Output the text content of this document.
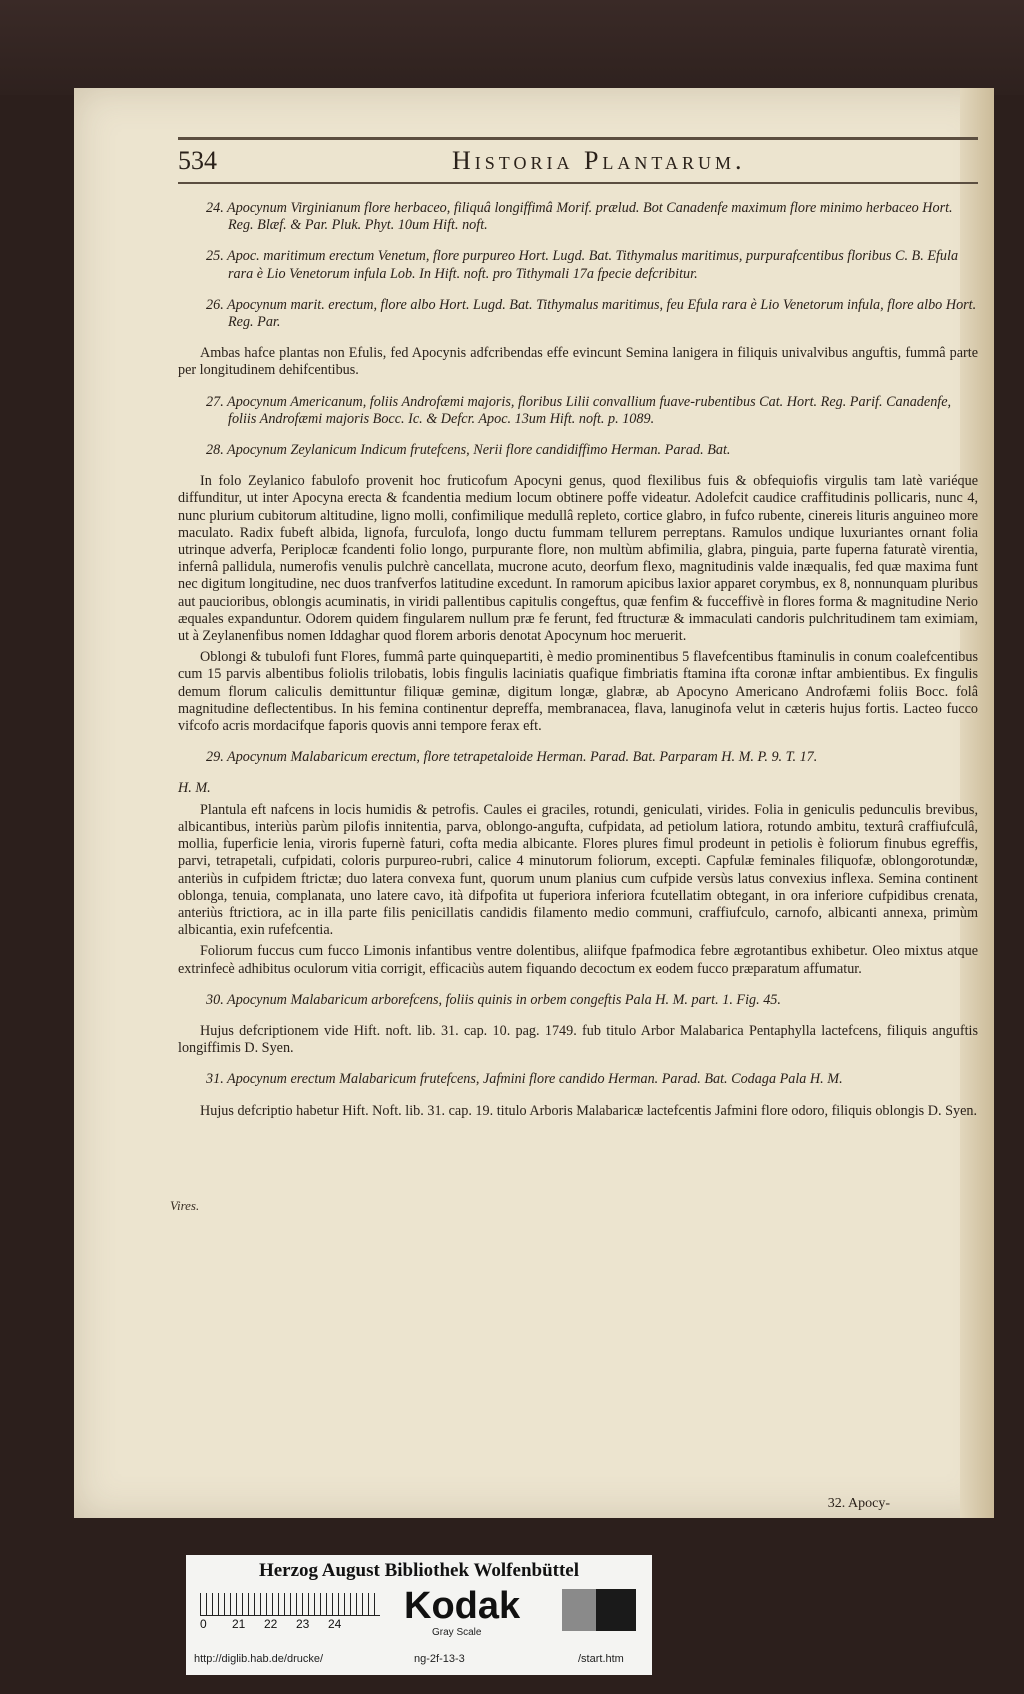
534	Historia Plantarum.

24. Apocynum Virginianum flore herbaceo, filiquâ longiffimâ Morif. prælud. Bot Canadenfe maximum flore minimo herbaceo Hort. Reg. Blæf. & Par. Pluk. Phyt. 10um Hift. noft.

25. Apoc. maritimum erectum Venetum, flore purpureo Hort. Lugd. Bat. Tithymalus maritimus, purpurafcentibus floribus C. B. Efula rara è Lio Venetorum infula Lob. In Hift. noft. pro Tithymali 17a fpecie defcribitur.

26. Apocynum marit. erectum, flore albo Hort. Lugd. Bat. Tithymalus maritimus, feu Efula rara è Lio Venetorum infula, flore albo Hort. Reg. Par.

Ambas hafce plantas non Efulis, fed Apocynis adfcribendas effe evincunt Semina lanigera in filiquis univalvibus anguftis, fummâ parte per longitudinem dehifcentibus.

27. Apocynum Americanum, foliis Androfæmi majoris, floribus Lilii convallium fuave-rubentibus Cat. Hort. Reg. Parif. Canadenfe, foliis Androfæmi majoris Bocc. Ic. & Defcr. Apoc. 13um Hift. noft. p. 1089.

28. Apocynum Zeylanicum Indicum frutefcens, Nerii flore candidiffimo Herman. Parad. Bat.

In folo Zeylanico fabulofo provenit hoc fruticofum Apocyni genus, quod flexilibus fuis & obfequiofis virgulis tam latè variéque diffunditur, ut inter Apocyna erecta & fcandentia medium locum obtinere poffe videatur. Adolefcit caudice craffitudinis pollicaris, nunc 4, nunc plurium cubitorum altitudine, ligno molli, confimilique medullâ repleto, cortice glabro, in fufco rubente, cinereis lituris anguineo more maculato. Radix fubeft albida, lignofa, furculofa, longo ductu fummam tellurem perreptans. Ramulos undique luxuriantes ornant folia utrinque adverfa, Periplocæ fcandenti folio longo, purpurante flore, non multùm abfimilia, glabra, pinguia, parte fuperna faturatè virentia, infernâ pallidula, numerofis venulis pulchrè cancellata, mucrone acuto, deorfum flexo, magnitudinis valde inæqualis, fed quæ maxima funt nec digitum longitudine, nec duos tranfverfos latitudine excedunt. In ramorum apicibus laxior apparet corymbus, ex 8, nonnunquam pluribus aut paucioribus, oblongis acuminatis, in viridi pallentibus capitulis congeftus, quæ fenfim & fucceffivè in flores forma & magnitudine Nerio æquales expanduntur. Odorem quidem fingularem nullum præ fe ferunt, fed ftructuræ & immaculati candoris pulchritudinem tam eximiam, ut à Zeylanenfibus nomen Iddaghar quod florem arboris denotat Apocynum hoc meruerit.

Oblongi & tubulofi funt Flores, fummâ parte quinquepartiti, è medio prominentibus 5 flavefcentibus ftaminulis in conum coalefcentibus cum 15 parvis albentibus foliolis trilobatis, lobis fingulis laciniatis quafique fimbriatis ftamina ifta coronæ inftar ambientibus. Ex fingulis demum florum caliculis demittuntur filiquæ geminæ, digitum longæ, glabræ, ab Apocyno Americano Androfæmi foliis Bocc. folâ magnitudine deflectentibus. In his femina continentur depreffa, membranacea, flava, lanuginofa velut in cæteris hujus fortis. Lacteo fucco vifcofo acris mordacifque faporis quovis anni tempore ferax eft.

29. Apocynum Malabaricum erectum, flore tetrapetaloide Herman. Parad. Bat. Parparam H. M. P. 9. T. 17.

H. M.

Plantula eft nafcens in locis humidis & petrofis. Caules ei graciles, rotundi, geniculati, virides. Folia in geniculis pedunculis brevibus, albicantibus, interiùs parùm pilofis innitentia, parva, oblongo-angufta, cufpidata, ad petiolum latiora, rotundo ambitu, texturâ craffiufculâ, mollia, fuperficie lenia, viroris fupernè faturi, cofta media albicante. Flores plures fimul prodeunt in petiolis è foliorum finubus egreffis, parvi, tetrapetali, cufpidati, coloris purpureo-rubri, calice 4 minutorum foliorum, excepti. Capfulæ feminales filiquofæ, oblongorotundæ, anteriùs in cufpidem ftrictæ; duo latera convexa funt, quorum unum planius cum cufpide versùs latus convexius inflexa. Semina continent oblonga, tenuia, complanata, uno latere cavo, ità difpofita ut fuperiora inferiora fcutellatim obtegant, in ora inferiore cufpidibus crenata, anteriùs ftrictiora, ac in illa parte filis penicillatis candidis filamento medio communi, craffiufculo, carnofo, albicanti annexa, primùm albicantia, exin rufefcentia.

Foliorum fuccus cum fucco Limonis infantibus ventre dolentibus, aliifque fpafmodica febre ægrotantibus exhibetur. Oleo mixtus atque extrinfecè adhibitus oculorum vitia corrigit, efficaciùs autem fiquando decoctum ex eodem fucco præparatum affumatur.

30. Apocynum Malabaricum arborefcens, foliis quinis in orbem congeftis Pala H. M. part. 1. Fig. 45.

Hujus defcriptionem vide Hift. noft. lib. 31. cap. 10. pag. 1749. fub titulo Arbor Malabarica Pentaphylla lactefcens, filiquis anguftis longiffimis D. Syen.

31. Apocynum erectum Malabaricum frutefcens, Jafmini flore candido Herman. Parad. Bat. Codaga Pala H. M.

Hujus defcriptio habetur Hift. Noft. lib. 31. cap. 19. titulo Arboris Malabaricæ lactefcentis Jafmini flore odoro, filiquis oblongis D. Syen.

Vires.
32. Apocy-
Herzog August Bibliothek Wolfenbüttel
0 21 22 23 24	Kodak
Gray Scale
http://diglib.hab.de/drucke/	ng-2f-13-3	/start.htm
